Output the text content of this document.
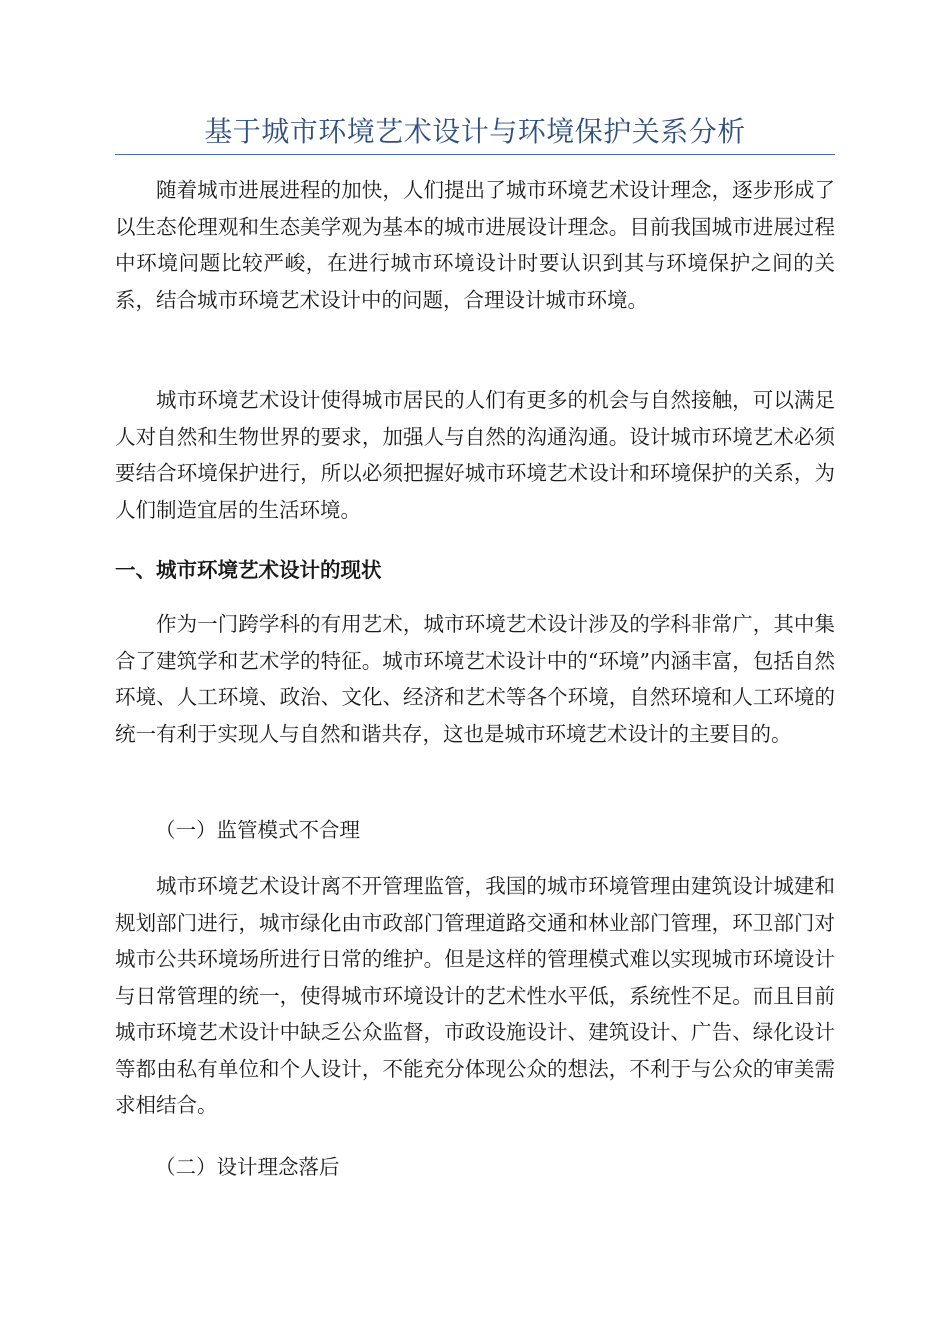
基于城市环境艺术设计与环境保护关系分析

随着城市进展进程的加快，人们提出了城市环境艺术设计理念，逐步形成了以生态伦理观和生态美学观为基本的城市进展设计理念。目前我国城市进展过程中环境问题比较严峻，在进行城市环境设计时要认识到其与环境保护之间的关系，结合城市环境艺术设计中的问题，合理设计城市环境。

城市环境艺术设计使得城市居民的人们有更多的机会与自然接触，可以满足人对自然和生物世界的要求，加强人与自然的沟通沟通。设计城市环境艺术必须要结合环境保护进行，所以必须把握好城市环境艺术设计和环境保护的关系，为人们制造宜居的生活环境。

一、城市环境艺术设计的现状

作为一门跨学科的有用艺术，城市环境艺术设计涉及的学科非常广，其中集合了建筑学和艺术学的特征。城市环境艺术设计中的“环境”内涵丰富，包括自然环境、人工环境、政治、文化、经济和艺术等各个环境，自然环境和人工环境的统一有利于实现人与自然和谐共存，这也是城市环境艺术设计的主要目的。

（一）监管模式不合理

城市环境艺术设计离不开管理监管，我国的城市环境管理由建筑设计城建和规划部门进行，城市绿化由市政部门管理道路交通和林业部门管理，环卫部门对城市公共环境场所进行日常的维护。但是这样的管理模式难以实现城市环境设计与日常管理的统一，使得城市环境设计的艺术性水平低，系统性不足。而且目前城市环境艺术设计中缺乏公众监督，市政设施设计、建筑设计、广告、绿化设计等都由私有单位和个人设计，不能充分体现公众的想法，不利于与公众的审美需求相结合。

（二）设计理念落后
